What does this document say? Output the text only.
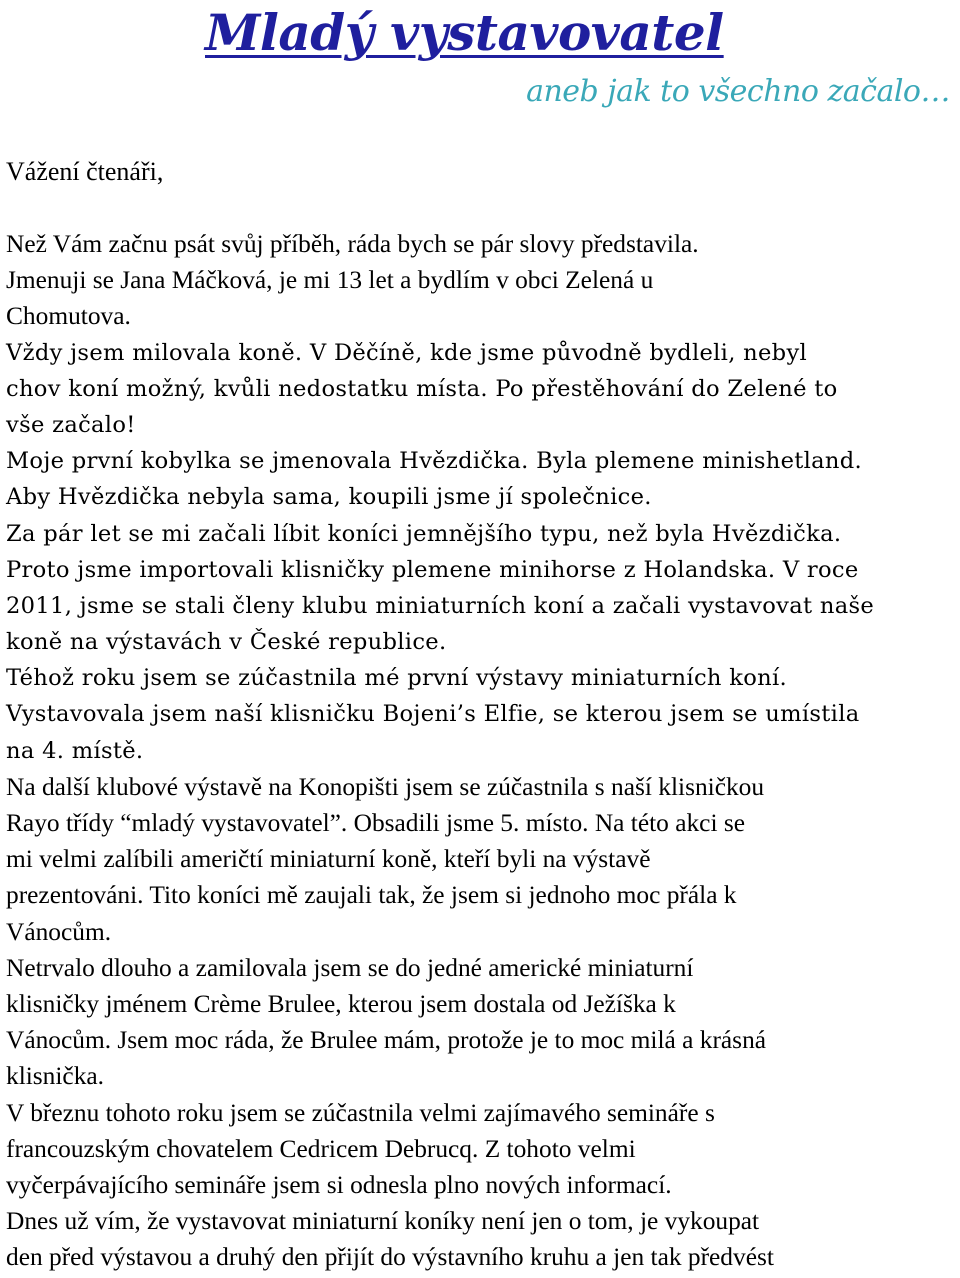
Mladý vystavovatel
aneb jak to všechno začalo…
Vážení čtenáři,
Než Vám začnu psát svůj příběh, ráda bych se pár slovy představila.
Jmenuji se Jana Máčková, je mi 13 let a bydlím v obci Zelená u
Chomutova.
Vždy jsem milovala koně. V Děčíně, kde jsme původně bydleli, nebyl
chov koní možný, kvůli nedostatku místa. Po přestěhování do Zelené to
vše začalo!
Moje první kobylka se jmenovala Hvězdička. Byla plemene minishetland.
Aby Hvězdička nebyla sama, koupili jsme jí společnice.
Za pár let se mi začali líbit koníci jemnějšího typu, než byla Hvězdička.
Proto jsme importovali klisničky plemene minihorse z Holandska. V roce
2011, jsme se stali členy klubu miniaturních koní a začali vystavovat naše
koně na výstavách v České republice.
Téhož roku jsem se zúčastnila mé první výstavy miniaturních koní.
Vystavovala jsem naší klisničku Bojeni’s Elfie, se kterou jsem se umístila
na 4. místě.
Na další klubové výstavě na Konopišti jsem se zúčastnila s naší klisničkou
Rayo třídy “mladý vystavovatel”. Obsadili jsme 5. místo. Na této akci se
mi velmi zalíbili američtí miniaturní koně, kteří byli na výstavě
prezentováni. Tito koníci mě zaujali tak, že jsem si jednoho moc přála k
Vánocům.
Netrvalo dlouho a zamilovala jsem se do jedné americké miniaturní
klisničky jménem Crème Brulee, kterou jsem dostala od Ježíška k
Vánocům. Jsem moc ráda, že Brulee mám, protože je to moc milá a krásná
klisnička.
V březnu tohoto roku jsem se zúčastnila velmi zajímavého semináře s
francouzským chovatelem Cedricem Debrucq. Z tohoto velmi
vyčerpávajícího semináře jsem si odnesla plno nových informací.
Dnes už vím, že vystavovat miniaturní koníky není jen o tom, je vykoupat
den před výstavou a druhý den přijít do výstavního kruhu a jen tak předvést
